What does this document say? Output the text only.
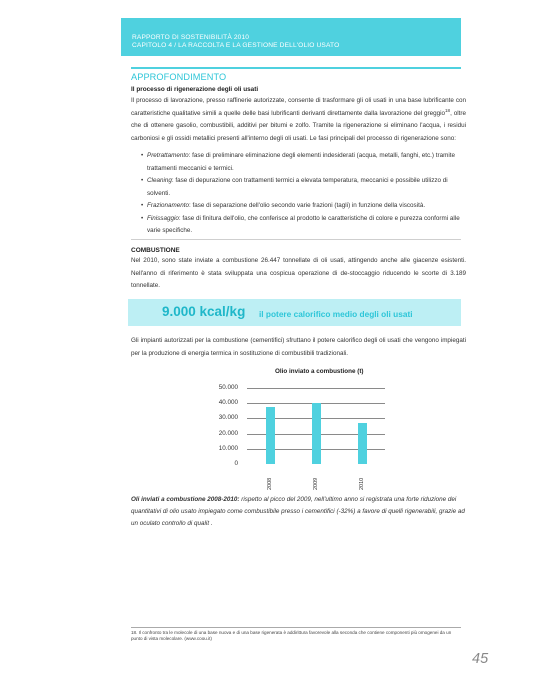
RAPPORTO DI SOSTENIBILITÀ 2010
CAPITOLO 4 / LA RACCOLTA E LA GESTIONE DELL'OLIO USATO
APPROFONDIMENTO
Il processo di rigenerazione degli oli usati
Il processo di lavorazione, presso raffinerie autorizzate, consente di trasformare gli oli usati in una base lubrificante con caratteristiche qualitative simili a quelle delle basi lubrificanti derivanti direttamente dalla lavorazione del greggio$^{18}$, oltre che di ottenere gasolio, combustibili, additivi per bitumi e zolfo. Tramite la rigenerazione si eliminano l'acqua, i residui carboniosi e gli ossidi metallici presenti all'interno degli oli usati. Le fasi principali del processo di rigenerazione sono:
• Pretrattamento: fase di preliminare eliminazione degli elementi indesiderati (acqua, metalli, fanghi, etc.) tramite trattamenti meccanici e termici.
• Cleaning: fase di depurazione con trattamenti termici a elevata temperatura, meccanici e possibile utilizzo di solventi.
• Frazionamento: fase di separazione dell'olio secondo varie frazioni (tagli) in funzione della viscosità.
• Finissaggio: fase di finitura dell'olio, che conferisce al prodotto le caratteristiche di colore e purezza conformi alle varie specifiche.
COMBUSTIONE
Nel 2010, sono state inviate a combustione 26.447 tonnellate di oli usati, attingendo anche alle giacenze esistenti. Nell'anno di riferimento è stata sviluppata una cospicua operazione di de-stoccaggio riducendo le scorte di 3.189 tonnellate.
9.000 kcal/kg il potere calorifico medio degli oli usati
Gli impianti autorizzati per la combustione (cementifici) sfruttano il potere calorifico degli oli usati che vengono impiegati per la produzione di energia termica in sostituzione di combustibili tradizionali.
Olio inviato a combustione (t)
0
10.000
20.000
30.000
40.000
50.000
2008	2009	2010
Oli inviati a combustione 2008-2010: rispetto al picco del 2009, nell'ultimo anno si registrata una forte riduzione dei quantitativi di olio usato impiegato come combustibile presso i cementifici (-32%) a favore di quelli rigenerabili, grazie ad un oculato controllo di qualit .
18. Il confronto tra le molecole di una base nuova e di una base rigenerata è addirittura favorevole alla seconda che contiene componenti più omogenei da un punto di vista molecolare. (www.coou.it)
45
